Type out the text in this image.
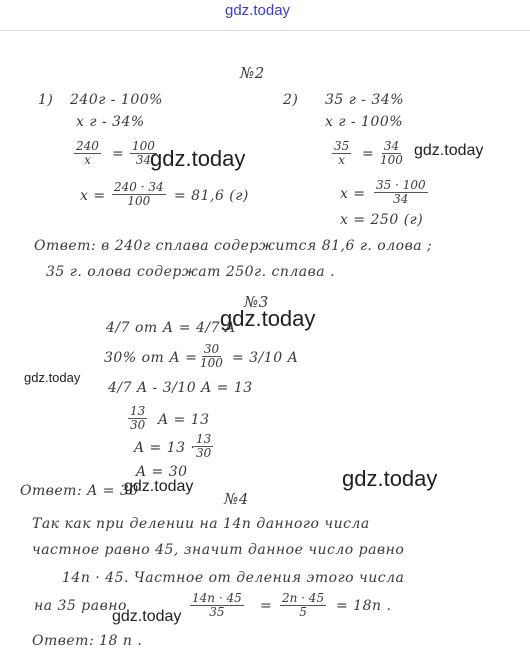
gdz.today
№2
1) 240г - 100%
x г - 34%
$\frac{240}{x} = \frac{100}{34}$
$x = \frac{240 \cdot 34}{100} = 81,6$ (г)
2) 35 г - 34%
x г - 100%
$\frac{35}{x} = \frac{34}{100}$
$x = \frac{35 \cdot 100}{34}$
x = 250 (г)
Ответ: в 240г сплава содержится 81,6 г. олова ;
35 г. олова содержат 250г. сплава .
№3
4/7 от А = 4/7 A
30% от $А = \frac{30}{100} = 3/10$ A
4/7 A - 3/10 A = 13
$\frac{13}{30}$ A = 13
A = 13 ·
$\frac{13}{30}$
A = 30
Ответ: A = 30	№4
Так как при делении на 14n данного числа
частное равно 45, значит данное число равно
14n · 45. Частное от деления этого числа
на 35 равно	$\frac{14n \cdot 45}{35} = \frac{2n \cdot 45}{5} = 18n$ .
Ответ: 18 n .
gdz.today	gdz.today
gdz.today
gdz.today
gdz.today
gdz.today
gdz.today
